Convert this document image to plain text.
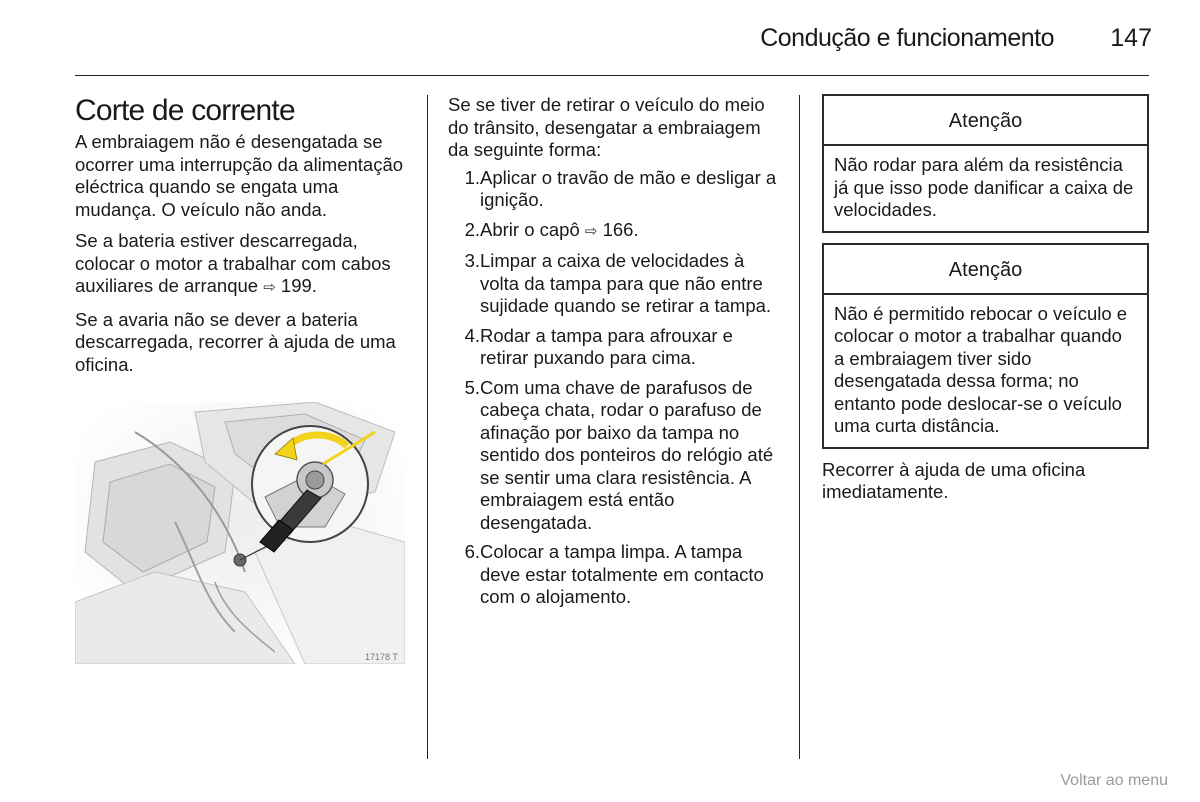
Condução e funcionamento 147
Corte de corrente

A embraiagem não é desengatada se ocorrer uma interrupção da alimentação eléctrica quando se engata uma mudança. O veículo não anda.

Se a bateria estiver descarregada, colocar o motor a trabalhar com cabos auxiliares de arranque ⇨ 199.

Se a avaria não se dever a bateria descarregada, recorrer à ajuda de uma oficina.

17178 T

Se se tiver de retirar o veículo do meio do trânsito, desengatar a embraiagem da seguinte forma:

1. Aplicar o travão de mão e desligar a ignição.
2. Abrir o capô ⇨ 166.
3. Limpar a caixa de velocidades à volta da tampa para que não entre sujidade quando se retirar a tampa.
4. Rodar a tampa para afrouxar e retirar puxando para cima.
5. Com uma chave de parafusos de cabeça chata, rodar o parafuso de afinação por baixo da tampa no sentido dos ponteiros do relógio até se sentir uma clara resistência. A embraiagem está então desengatada.
6. Colocar a tampa limpa. A tampa deve estar totalmente em contacto com o alojamento.
Atenção
Não rodar para além da resistência já que isso pode danificar a caixa de velocidades.
Atenção
Não é permitido rebocar o veículo e colocar o motor a trabalhar quando a embraiagem tiver sido desengatada dessa forma; no entanto pode deslocar-se o veículo uma curta distância.

Recorrer à ajuda de uma oficina imediatamente.

Voltar ao menu
